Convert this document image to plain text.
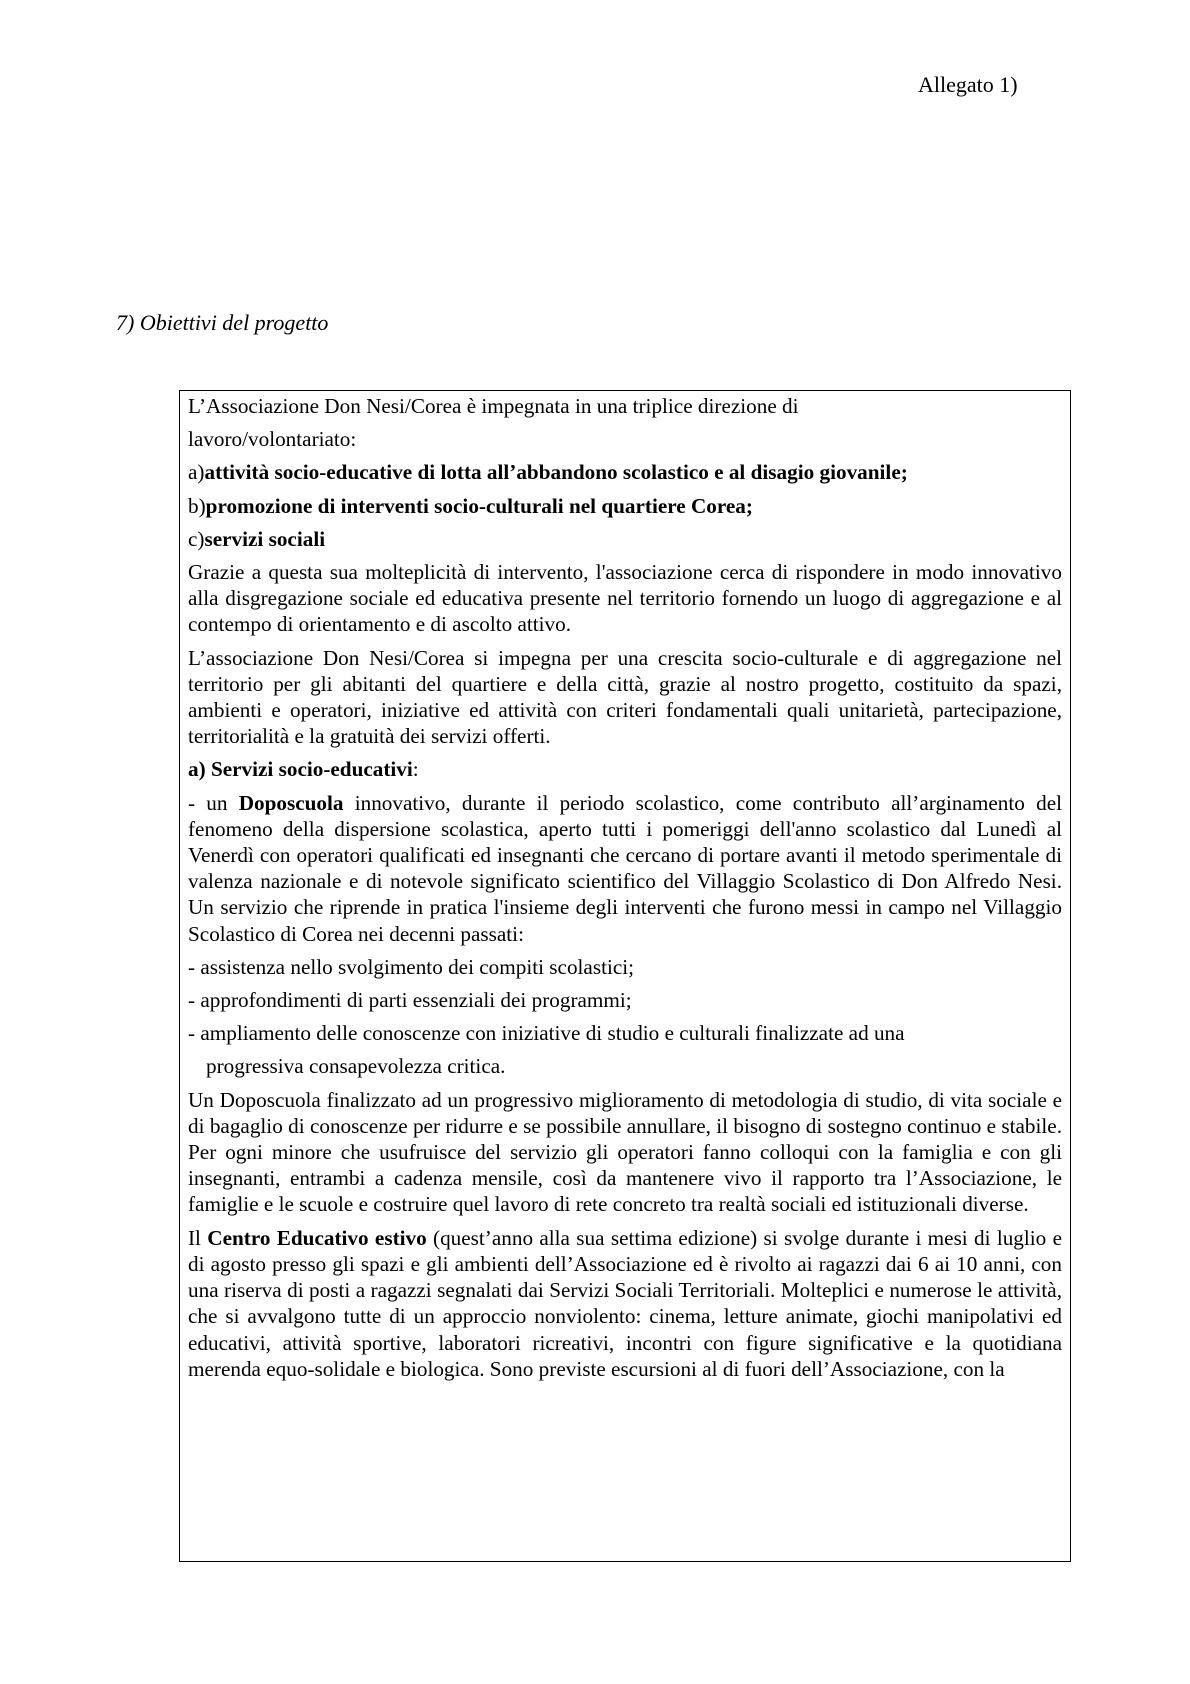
Allegato 1)
7) Obiettivi del progetto

L’Associazione Don Nesi/Corea è impegnata in una triplice direzione di

lavoro/volontariato:

a)attività socio-educative di lotta all’abbandono scolastico e al disagio giovanile;

b)promozione di interventi socio-culturali nel quartiere Corea;

c)servizi sociali

Grazie a questa sua molteplicità di intervento, l'associazione cerca di rispondere in modo innovativo alla disgregazione sociale ed educativa presente nel territorio fornendo un luogo di aggregazione e al contempo di orientamento e di ascolto attivo.

L’associazione Don Nesi/Corea si impegna per una crescita socio-culturale e di aggregazione nel territorio per gli abitanti del quartiere e della città, grazie al nostro progetto, costituito da spazi, ambienti e operatori, iniziative ed attività con criteri fondamentali quali unitarietà, partecipazione, territorialità e la gratuità dei servizi offerti.

a) Servizi socio-educativi:

- un Doposcuola innovativo, durante il periodo scolastico, come contributo all’arginamento del fenomeno della dispersione scolastica, aperto tutti i pomeriggi dell'anno scolastico dal Lunedì al Venerdì con operatori qualificati ed insegnanti che cercano di portare avanti il metodo sperimentale di valenza nazionale e di notevole significato scientifico del Villaggio Scolastico di Don Alfredo Nesi. Un servizio che riprende in pratica l'insieme degli interventi che furono messi in campo nel Villaggio Scolastico di Corea nei decenni passati:

- assistenza nello svolgimento dei compiti scolastici;

- approfondimenti di parti essenziali dei programmi;

- ampliamento delle conoscenze con iniziative di studio e culturali finalizzate ad una

progressiva consapevolezza critica.

Un Doposcuola finalizzato ad un progressivo miglioramento di metodologia di studio, di vita sociale e di bagaglio di conoscenze per ridurre e se possibile annullare, il bisogno di sostegno continuo e stabile. Per ogni minore che usufruisce del servizio gli operatori fanno colloqui con la famiglia e con gli insegnanti, entrambi a cadenza mensile, così da mantenere vivo il rapporto tra l’Associazione, le famiglie e le scuole e costruire quel lavoro di rete concreto tra realtà sociali ed istituzionali diverse.

Il Centro Educativo estivo (quest’anno alla sua settima edizione) si svolge durante i mesi di luglio e di agosto presso gli spazi e gli ambienti dell’Associazione ed è rivolto ai ragazzi dai 6 ai 10 anni, con una riserva di posti a ragazzi segnalati dai Servizi Sociali Territoriali. Molteplici e numerose le attività, che si avvalgono tutte di un approccio nonviolento: cinema, letture animate, giochi manipolativi ed educativi, attività sportive, laboratori ricreativi, incontri con figure significative e la quotidiana merenda equo-solidale e biologica. Sono previste escursioni al di fuori dell’Associazione, con la
